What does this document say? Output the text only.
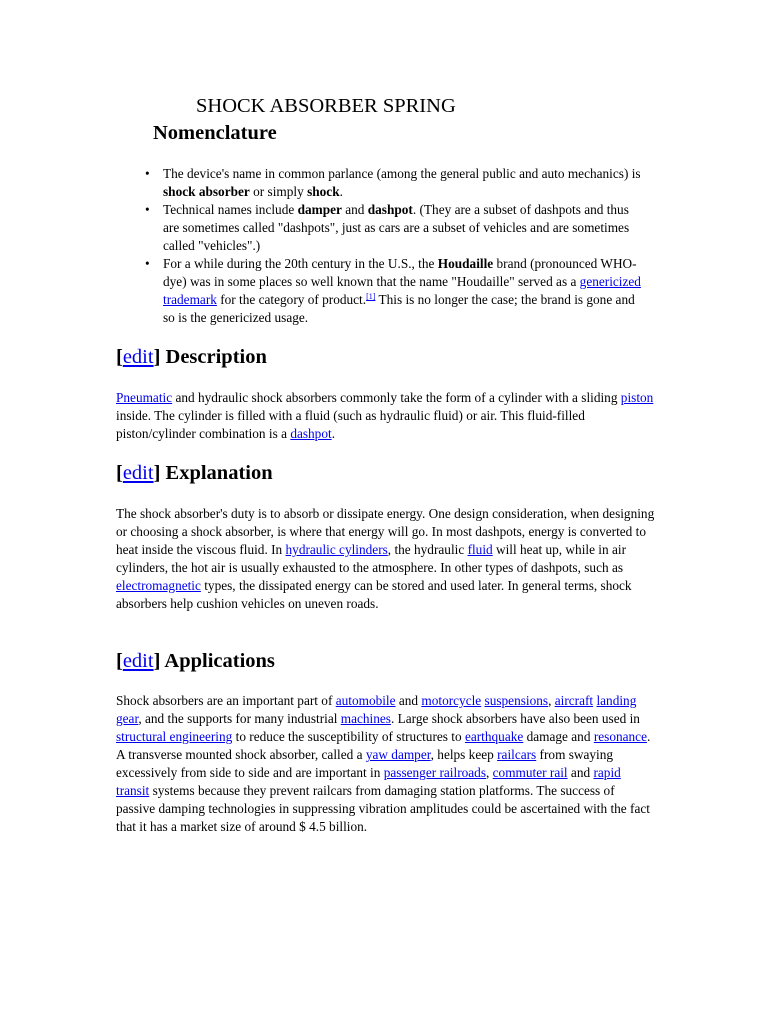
SHOCK ABSORBER SPRING
Nomenclature
• The device's name in common parlance (among the general public and auto mechanics) is shock absorber or simply shock.
• Technical names include damper and dashpot. (They are a subset of dashpots and thus are sometimes called "dashpots", just as cars are a subset of vehicles and are sometimes called "vehicles".)
• For a while during the 20th century in the U.S., the Houdaille brand (pronounced WHO-dye) was in some places so well known that the name "Houdaille" served as a genericized trademark for the category of product.[1] This is no longer the case; the brand is gone and so is the genericized usage.
[edit] Description

Pneumatic and hydraulic shock absorbers commonly take the form of a cylinder with a sliding piston inside. The cylinder is filled with a fluid (such as hydraulic fluid) or air. This fluid-filled piston/cylinder combination is a dashpot.

[edit] Explanation

The shock absorber's duty is to absorb or dissipate energy. One design consideration, when designing or choosing a shock absorber, is where that energy will go. In most dashpots, energy is converted to heat inside the viscous fluid. In hydraulic cylinders, the hydraulic fluid will heat up, while in air cylinders, the hot air is usually exhausted to the atmosphere. In other types of dashpots, such as electromagnetic types, the dissipated energy can be stored and used later. In general terms, shock absorbers help cushion vehicles on uneven roads.

[edit] Applications

Shock absorbers are an important part of automobile and motorcycle suspensions, aircraft landing gear, and the supports for many industrial machines. Large shock absorbers have also been used in structural engineering to reduce the susceptibility of structures to earthquake damage and resonance. A transverse mounted shock absorber, called a yaw damper, helps keep railcars from swaying excessively from side to side and are important in passenger railroads, commuter rail and rapid transit systems because they prevent railcars from damaging station platforms. The success of passive damping technologies in suppressing vibration amplitudes could be ascertained with the fact that it has a market size of around $ 4.5 billion.
